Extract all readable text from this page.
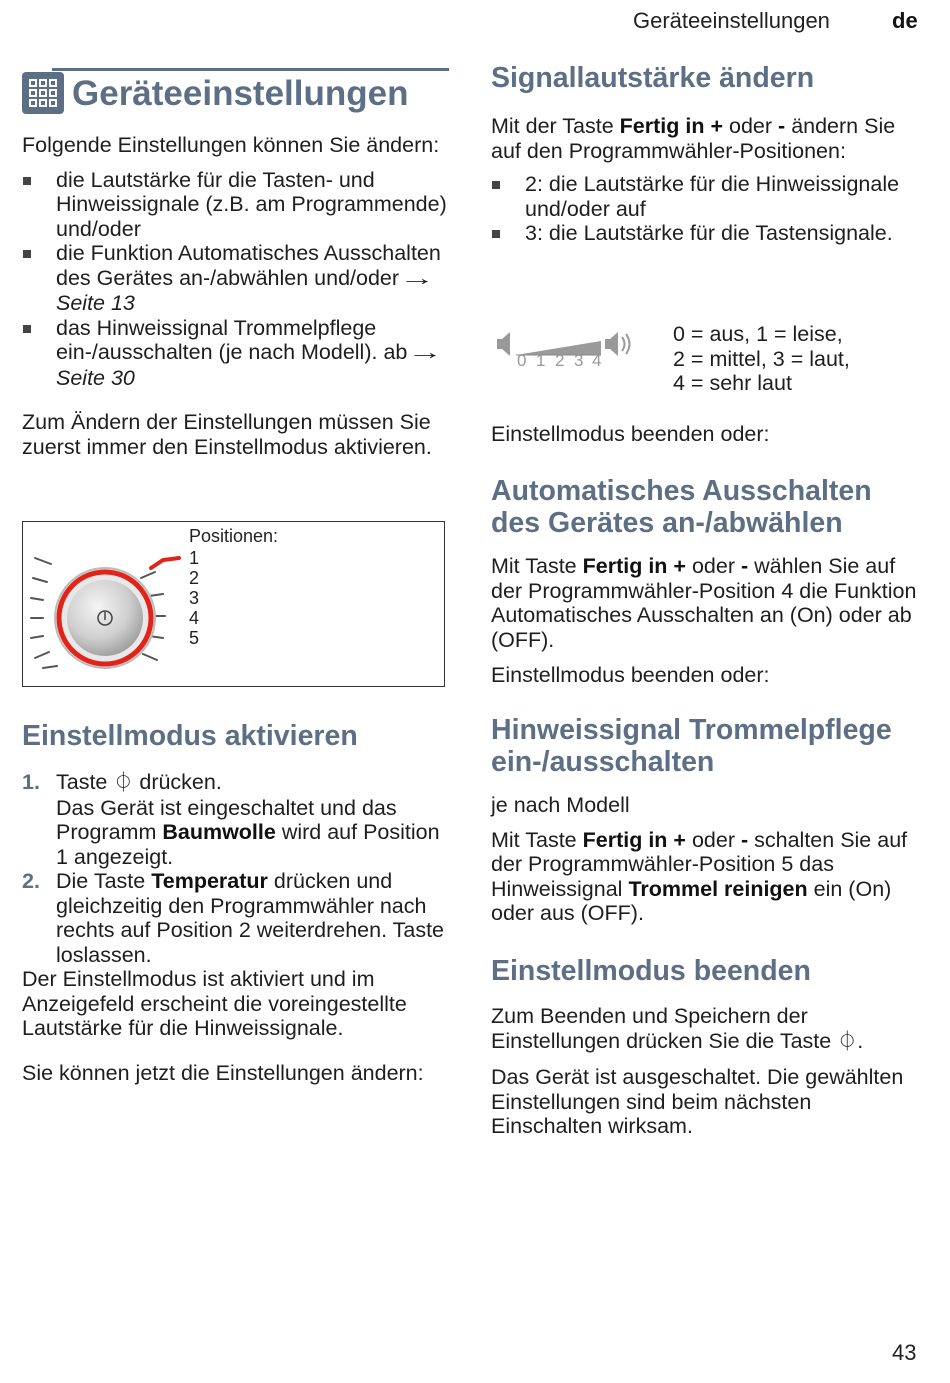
Geräteeinstellungen	de
Geräteeinstellungen

Folgende Einstellungen können Sie ändern:

die Lautstärke für die Tasten- und Hinweissignale (z.B. am Programmende) und/oder
die Funktion Automatisches Ausschalten des Gerätes an-/abwählen und/oder→Seite 13
das Hinweissignal Trommelpflege ein-/ausschalten (je nach Modell). ab→Seite 30

Zum Ändern der Einstellungen müssen Sie zuerst immer den Einstellmodus aktivieren.

Positionen:
1
2
3
4
5
Einstellmodus aktivieren
1. Taste ⏀ drücken.
Das Gerät ist eingeschaltet und das Programm Baumwolle wird auf Position 1 angezeigt.
2. Die Taste Temperatur drücken und gleichzeitig den Programmwähler nach rechts auf Position 2 weiterdrehen. Taste loslassen.

Der Einstellmodus ist aktiviert und im Anzeigefeld erscheint die voreingestellte Lautstärke für die Hinweissignale.

Sie können jetzt die Einstellungen ändern:

Signallautstärke ändern

Mit der Taste Fertig in + oder - ändern Sie auf den Programmwähler-Positionen:

2: die Lautstärke für die Hinweissignale und/oder auf
3: die Lautstärke für die Tastensignale.
0 1 2 3 4

0 = aus, 1 = leise,

2 = mittel, 3 = laut,

4 = sehr laut

Einstellmodus beenden oder:

Automatisches Ausschalten des Gerätes an-/abwählen

Mit Taste Fertig in + oder - wählen Sie auf der Programmwähler-Position 4 die Funktion Automatisches Ausschalten an (On) oder ab (OFF).

Einstellmodus beenden oder:

Hinweissignal Trommelpflege ein-/ausschalten

je nach Modell

Mit Taste Fertig in + oder - schalten Sie auf der Programmwähler-Position 5 das Hinweissignal Trommel reinigen ein (On) oder aus (OFF).

Einstellmodus beenden

Zum Beenden und Speichern der Einstellungen drücken Sie die Taste ⏀.

Das Gerät ist ausgeschaltet. Die gewählten Einstellungen sind beim nächsten Einschalten wirksam.

43
